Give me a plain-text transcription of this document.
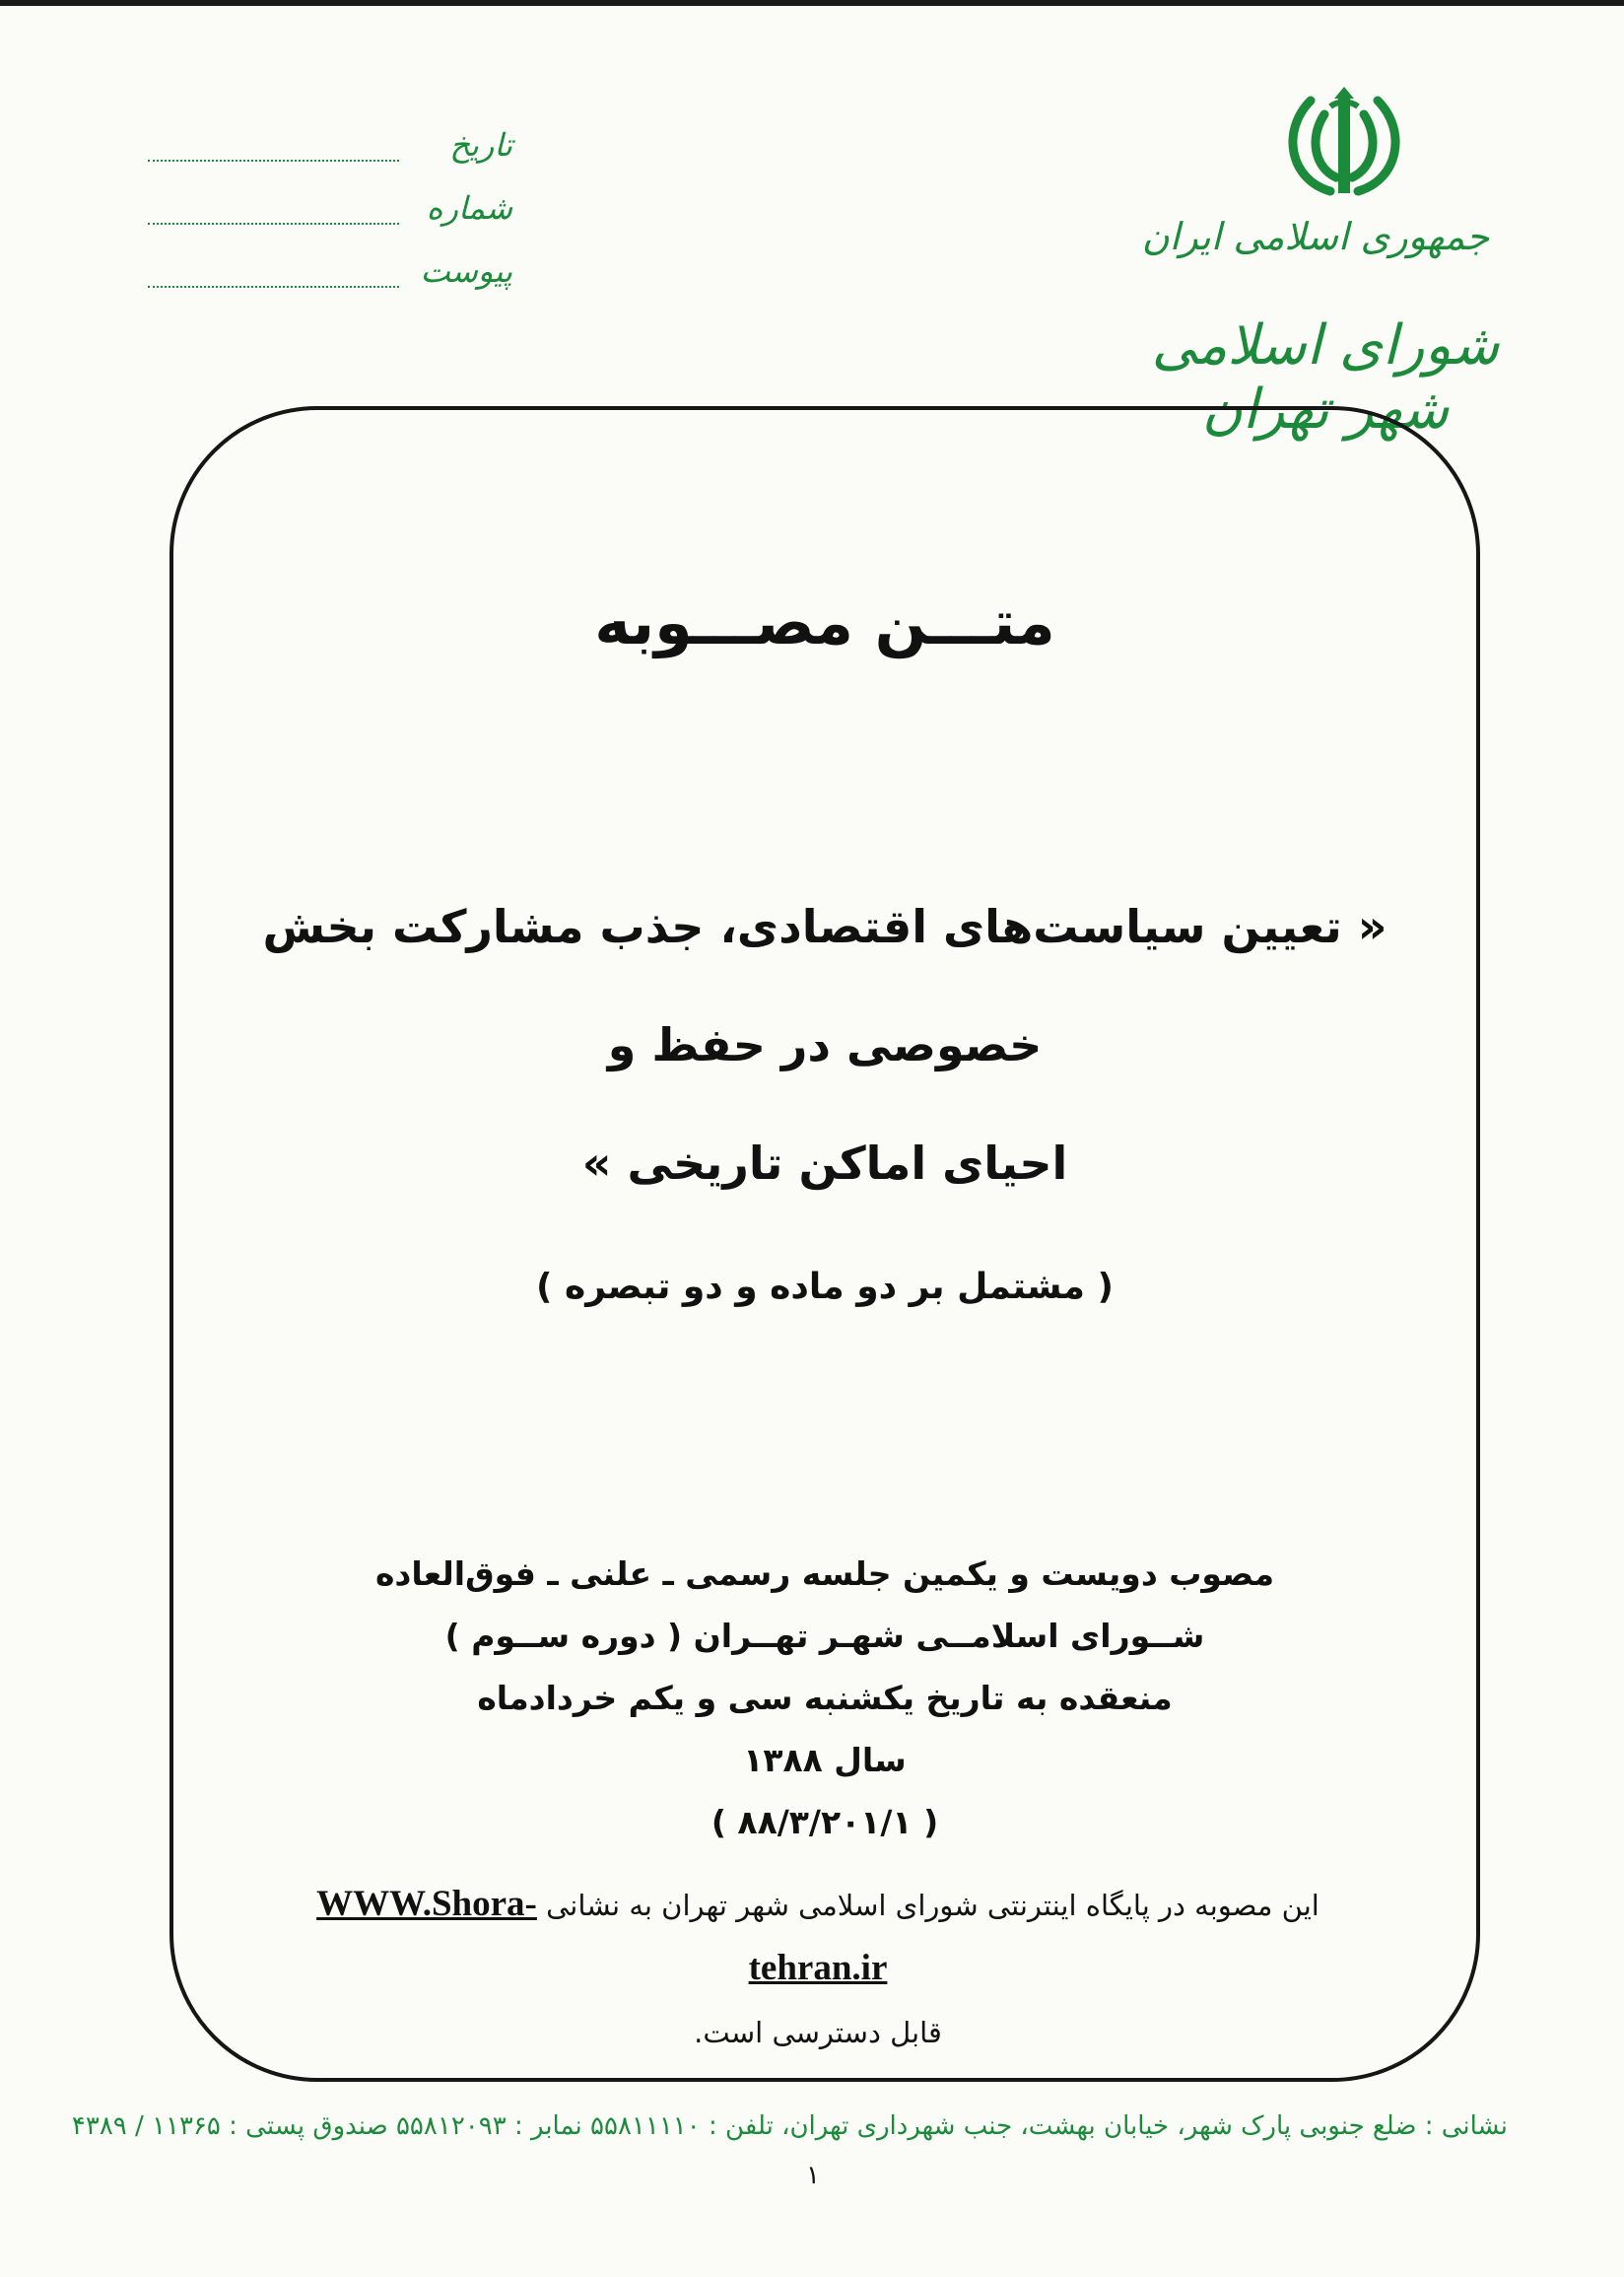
جمهوری اسلامی ایران
شورای اسلامی شهر تهران
تاریخ
شماره
پیوست
متـــن مصـــوبه
« تعیین سیاست‌های اقتصادی، جذب مشارکت بخش خصوصی در حفظ و
احیای اماکن تاریخی »
( مشتمل بر دو ماده و دو تبصره )
مصوب دویست و یکمین جلسه رسمی ـ علنی ـ فوق‌العاده
شــورای اسلامــی شهـر تهــران ( دوره ســوم )
منعقده به تاریخ یکشنبه سی و یکم خردادماه
سال ۱۳۸۸
( ۸۸/۳/۲۰۱/۱ )
این مصوبه در پایگاه اینترنتی شورای اسلامی شهر تهران به نشانی WWW.Shora-tehran.ir
قابل دسترسی است.
نشانی : ضلع جنوبی پارک شهر، خیابان بهشت، جنب شهرداری تهران، تلفن : ۵۵۸۱۱۱۱۰ نمابر : ۵۵۸۱۲۰۹۳ صندوق پستی : ۱۱۳۶۵ / ۴۳۸۹
۱
